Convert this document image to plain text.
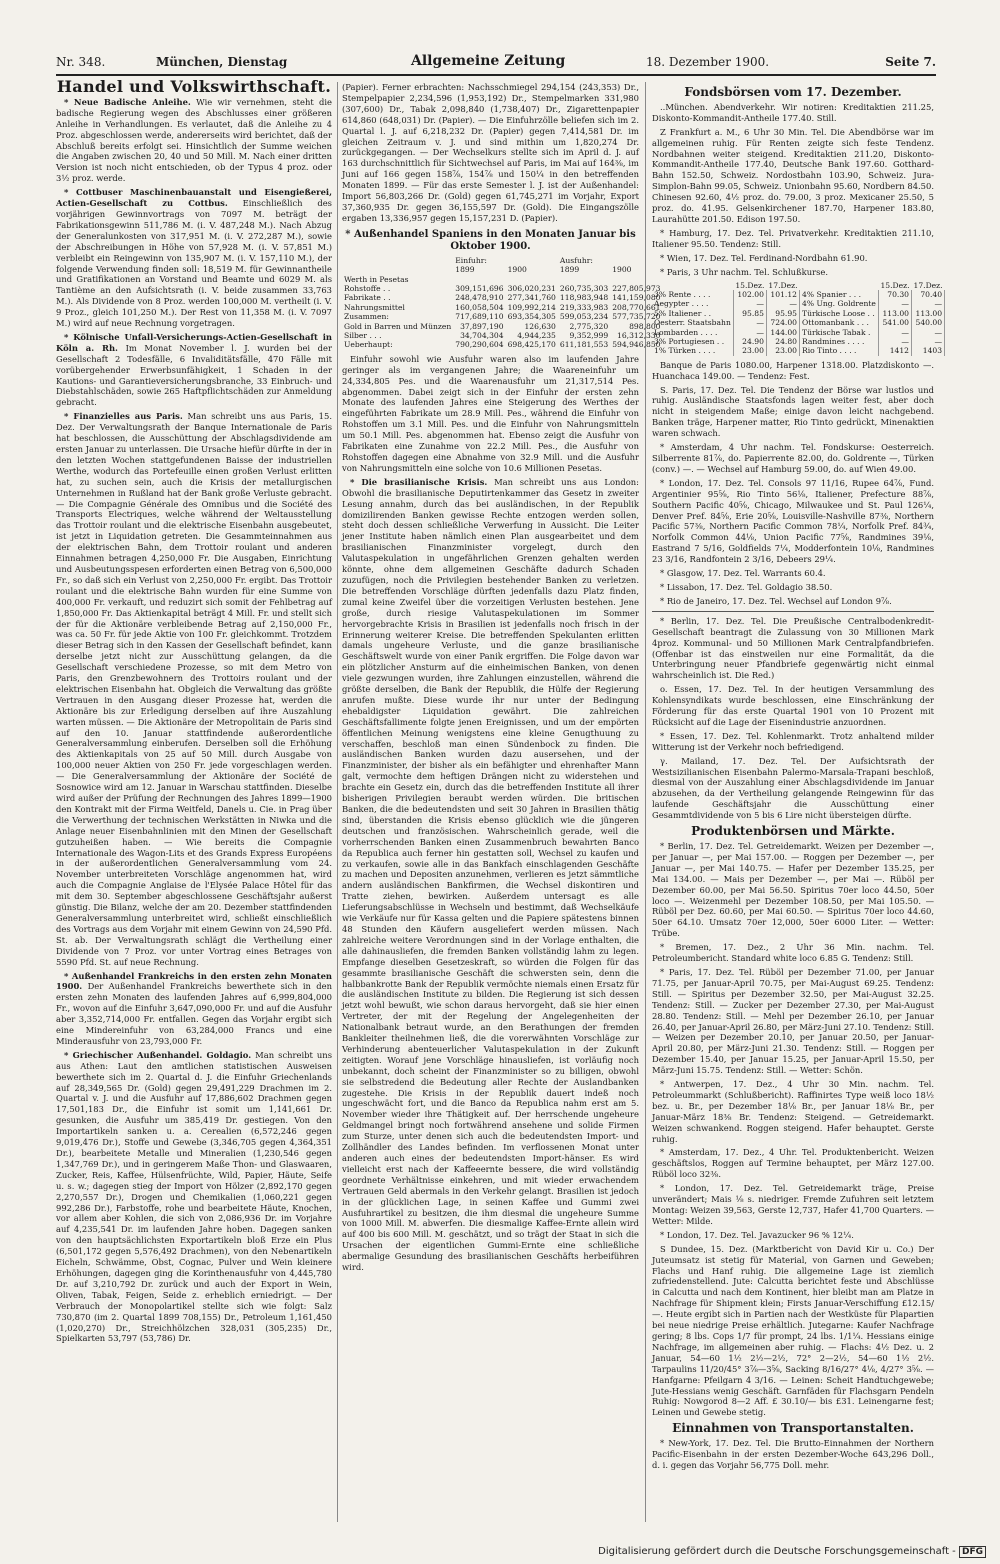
Nr. 348.	München, Dienstag	Allgemeine Zeitung	18. Dezember 1900.	Seite 7.
Handel und Volkswirthschaft.

* Neue Badische Anleihe. Wie wir vernehmen, steht die badische Regierung wegen des Abschlusses einer größeren Anleihe in Verhandlungen. Es verlautet, daß die Anleihe zu 4 Proz. abgeschlossen werde, andererseits wird berichtet, daß der Abschluß bereits erfolgt sei. Hinsichtlich der Summe weichen die Angaben zwischen 20, 40 und 50 Mill. M. Nach einer dritten Version ist noch nicht entschieden, ob der Typus 4 proz. oder 3½ proz. werde.

* Cottbuser Maschinenbauanstalt und Eisengießerei, Actien-Gesellschaft zu Cottbus. Einschließlich des vorjährigen Gewinnvortrags von 7097 M. beträgt der Fabrikationsgewinn 511,786 M. (i. V. 487,248 M.). Nach Abzug der Generalunkosten von 317,951 M. (i. V. 272,287 M.), sowie der Abschreibungen in Höhe von 57,928 M. (i. V. 57,851 M.) verbleibt ein Reingewinn von 135,907 M. (i. V. 157,110 M.), der folgende Verwendung finden soll: 18,519 M. für Gewinnantheile und Gratifikationen an Vorstand und Beamte und 6029 M. als Tantième an den Aufsichtsrath (i. V. beide zusammen 33,763 M.). Als Dividende von 8 Proz. werden 100,000 M. vertheilt (i. V. 9 Proz., gleich 101,250 M.). Der Rest von 11,358 M. (i. V. 7097 M.) wird auf neue Rechnung vorgetragen.

* Kölnische Unfall-Versicherungs-Actien-Gesellschaft in Köln a. Rh. Im Monat November l. J. wurden bei der Gesellschaft 2 Todesfälle, 6 Invaliditätsfälle, 470 Fälle mit vorübergehender Erwerbsunfähigkeit, 1 Schaden in der Kautions- und Garantieversicherungsbranche, 33 Einbruch- und Diebstahlschäden, sowie 265 Haftpflichtschäden zur Anmeldung gebracht.

* Finanzielles aus Paris. Man schreibt uns aus Paris, 15. Dez. Der Verwaltungsrath der Banque Internationale de Paris hat beschlossen, die Ausschüttung der Abschlagsdividende am ersten Januar zu unterlassen. Die Ursache hiefür dürfte in der in den letzten Wochen stattgefundenen Baisse der industriellen Werthe, wodurch das Portefeuille einen großen Verlust erlitten hat, zu suchen sein, auch die Krisis der metallurgischen Unternehmen in Rußland hat der Bank große Verluste gebracht. — Die Compagnie Générale des Omnibus und die Société des Transports Electriques, welche während der Weltausstellung das Trottoir roulant und die elektrische Eisenbahn ausgebeutet, ist jetzt in Liquidation getreten. Die Gesammteinnahmen aus der elektrischen Bahn, dem Trottoir roulant und anderen Einnahmen betragen 4,250,000 Fr. Die Ausgaben, Einrichtung und Ausbeutungsspesen erforderten einen Betrag von 6,500,000 Fr., so daß sich ein Verlust von 2,250,000 Fr. ergibt. Das Trottoir roulant und die elektrische Bahn wurden für eine Summe von 400,000 Fr. verkauft, und reduzirt sich somit der Fehlbetrag auf 1,850,000 Fr. Das Aktienkapital beträgt 4 Mill. Fr. und stellt sich der für die Aktionäre verbleibende Betrag auf 2,150,000 Fr., was ca. 50 Fr. für jede Aktie von 100 Fr. gleichkommt. Trotzdem dieser Betrag sich in den Kassen der Gesellschaft befindet, kann derselbe jetzt nicht zur Ausschüttung gelangen, da die Gesellschaft verschiedene Prozesse, so mit dem Metro von Paris, den Grenzbewohnern des Trottoirs roulant und der elektrischen Eisenbahn hat. Obgleich die Verwaltung das größte Vertrauen in den Ausgang dieser Prozesse hat, werden die Aktionäre bis zur Erledigung derselben auf ihre Auszahlung warten müssen. — Die Aktionäre der Metropolitain de Paris sind auf den 10. Januar stattfindende außerordentliche Generalversammlung einberufen. Derselben soll die Erhöhung des Aktienkapitals von 25 auf 50 Mill. durch Ausgabe von 100,000 neuer Aktien von 250 Fr. jede vorgeschlagen werden. — Die Generalversammlung der Aktionäre der Société de Sosnowice wird am 12. Januar in Warschau stattfinden. Dieselbe wird außer der Prüfung der Rechnungen des Jahres 1899—1900 den Kontrakt mit der Firma Weitfeld, Danels u. Cie. in Prag über die Verwerthung der technischen Werkstätten in Niwka und die Anlage neuer Eisenbahnlinien mit den Minen der Gesellschaft gutzuheißen haben. — Wie bereits die Compagnie Internationale des Wagon-Lits et des Grands Express Européens in der außerordentlichen Generalversammlung vom 24. November unterbreiteten Vorschläge angenommen hat, wird auch die Compagnie Anglaise de l'Elysée Palace Hôtel für das mit dem 30. September abgeschlossene Geschäftsjahr außerst günstig. Die Bilanz, welche der am 20. Dezember stattfindenden Generalversammlung unterbreitet wird, schließt einschließlich des Vortrags aus dem Vorjahr mit einem Gewinn von 24,590 Pfd. St. ab. Der Verwaltungsrath schlägt die Vertheilung einer Dividende von 7 Proz. vor unter Vortrag eines Betrages von 5590 Pfd. St. auf neue Rechnung.

* Außenhandel Frankreichs in den ersten zehn Monaten 1900. Der Außenhandel Frankreichs bewerthete sich in den ersten zehn Monaten des laufenden Jahres auf 6,999,804,000 Fr., wovon auf die Einfuhr 3,647,090,000 Fr. und auf die Ausfuhr aber 3,352,714,000 Fr. entfallen. Gegen das Vorjahr ergibt sich eine Mindereinfuhr von 63,284,000 Francs und eine Minderausfuhr von 23,793,000 Fr.

* Griechischer Außenhandel. Goldagio. Man schreibt uns aus Athen: Laut den amtlichen statistischen Ausweisen bewerthete sich im 2. Quartal d. J. die Einfuhr Griechenlands auf 28,349,565 Dr. (Gold) gegen 29,491,229 Drachmen im 2. Quartal v. J. und die Ausfuhr auf 17,886,602 Drachmen gegen 17,501,183 Dr., die Einfuhr ist somit um 1,141,661 Dr. gesunken, die Ausfuhr um 385,419 Dr. gestiegen. Von den Importartikeln sanken u. a. Cerealien (6,572,246 gegen 9,019,476 Dr.), Stoffe und Gewebe (3,346,705 gegen 4,364,351 Dr.), bearbeitete Metalle und Mineralien (1,230,546 gegen 1,347,769 Dr.), und in geringerem Maße Thon- und Glaswaaren, Zucker, Reis, Kaffee, Hülsenfrüchte, Wild, Papier, Häute, Seife u. s. w.; dagegen stieg der Import von Hölzer (2,892,170 gegen 2,270,557 Dr.), Drogen und Chemikalien (1,060,221 gegen 992,286 Dr.), Farbstoffe, rohe und bearbeitete Häute, Knochen, vor allem aber Kohlen, die sich von 2,086,936 Dr. im Vorjahre auf 4,235,541 Dr. im laufenden Jahre hoben. Dagegen sanken von den hauptsächlichsten Exportartikeln bloß Erze ein Plus (6,501,172 gegen 5,576,492 Drachmen), von den Nebenartikeln Eicheln, Schwämme, Obst, Cognac, Pulver und Wein kleinere Erhöhungen, dagegen ging die Korinthenausfuhr von 4,445,780 Dr. auf 3,210,792 Dr. zurück und auch der Export in Wein, Oliven, Tabak, Feigen, Seide z. erheblich erniedrigt. — Der Verbrauch der Monopolartikel stellte sich wie folgt: Salz 730,870 (im 2. Quartal 1899 708,155) Dr., Petroleum 1,161,450 (1,020,270) Dr., Streichhölzchen 328,031 (305,235) Dr., Spielkarten 53,797 (53,786) Dr.

(Papier). Ferner erbrachten: Nachsschmiegel 294,154 (243,353) Dr., Stempelpapier 2,234,596 (1,953,192) Dr., Stempelmarken 331,980 (307,600) Dr., Tabak 2,098,840 (1,738,407) Dr., Zigarettenpapier 614,860 (648,031) Dr. (Papier). — Die Einfuhrzölle beliefen sich im 2. Quartal l. J. auf 6,218,232 Dr. (Papier) gegen 7,414,581 Dr. im gleichen Zeitraum v. J. und sind mithin um 1,820,274 Dr. zurückgegangen. — Der Wechselkurs stellte sich im April d. J. auf 163 durchschnittlich für Sichtwechsel auf Paris, im Mai auf 164⅜, im Juni auf 166 gegen 158⅞, 154⅞ und 150¼ in den betreffenden Monaten 1899. — Für das erste Semester l. J. ist der Außenhandel: Import 56,803,266 Dr. (Gold) gegen 61,745,271 im Vorjahr, Export 37,360,935 Dr. gegen 36,155,597 Dr. (Gold). Die Eingangszölle ergaben 13,336,957 gegen 15,157,231 D. (Papier).

* Außenhandel Spaniens in den Monaten Januar bis Oktober 1900.
	Einfuhr:		Ausfuhr:	
	1899	1900	1899	1900
Werth in Pesetas				
Rohstoffe . .	309,151,696	306,020,231	260,735,303	227,805,973
Fabrikate . .	248,478,910	277,341,760	118,983,948	141,159,080
Nahrungsmittel	160,058,504	109,992,214	219,333,983	208,770,661
Zusammen:	717,689,110	693,354,305	599,053,234	577,735,720
Gold in Barren und Münzen	37,897,190	126,630	2,775,320	898,800
Silber . . .	34,704,304	4,944,235	9,352,999	16,312,330
Ueberhaupt:	790,290,604	698,425,170	611,181,553	594,946,850

Einfuhr sowohl wie Ausfuhr waren also im laufenden Jahre geringer als im vergangenen Jahre; die Waareneinfuhr um 24,334,805 Pes. und die Waarenausfuhr um 21,317,514 Pes. abgenommen. Dabei zeigt sich in der Einfuhr der ersten zehn Monate des laufenden Jahres eine Steigerung des Werthes der eingeführten Fabrikate um 28.9 Mill. Pes., während die Einfuhr von Rohstoffen um 3.1 Mill. Pes. und die Einfuhr von Nahrungsmitteln um 50.1 Mill. Pes. abgenommen hat. Ebenso zeigt die Ausfuhr von Fabrikaten eine Zunahme von 22.2 Mill. Pes., die Ausfuhr von Rohstoffen dagegen eine Abnahme von 32.9 Mill. und die Ausfuhr von Nahrungsmitteln eine solche von 10.6 Millionen Pesetas.

* Die brasilianische Krisis. Man schreibt uns aus London: Obwohl die brasilianische Deputirtenkammer das Gesetz in zweiter Lesung annahm, durch das bei ausländischen, in der Republik domizilirenden Banken gewisse Rechte entzogen werden sollen, steht doch dessen schließliche Verwerfung in Aussicht. Die Leiter jener Institute haben nämlich einen Plan ausgearbeitet und dem brasilianischen Finanzminister vorgelegt, durch den Valutaspekulation in ungefährlichen Grenzen gehalten werden könnte, ohne dem allgemeinen Geschäfte dadurch Schaden zuzufügen, noch die Privilegien bestehender Banken zu verletzen. Die betreffenden Vorschläge dürften jedenfalls dazu Platz finden, zumal keine Zweifel über die vorzeitigen Verlusten bestehen. Jene große, durch riesige Valutaspekulationen im Sommer hervorgebrachte Krisis in Brasilien ist jedenfalls noch frisch in der Erinnerung weiterer Kreise. Die betreffenden Spekulanten erlitten damals ungeheure Verluste, und die ganze brasilianische Geschäftswelt wurde von einer Panik ergriffen. Die Folge davon war ein plötzlicher Ansturm auf die einheimischen Banken, von denen viele gezwungen wurden, ihre Zahlungen einzustellen, während die größte derselben, die Bank der Republik, die Hülfe der Regierung anrufen mußte. Diese wurde ihr nur unter der Bedingung ehebaldigster Liquidation gewährt. Die zahlreichen Geschäftsfallimente folgte jenen Ereignissen, und um der empörten öffentlichen Meinung wenigstens eine kleine Genugthuung zu verschaffen, beschloß man einen Sündenbock zu finden. Die ausländischen Banken wurden dazu ausersehen, und der Finanzminister, der bisher als ein befähigter und ehrenhafter Mann galt, vermochte dem heftigen Drängen nicht zu widerstehen und brachte ein Gesetz ein, durch das die betreffenden Institute all ihrer bisherigen Privilegien beraubt werden würden. Die britischen Banken, die die bedeutendsten und seit 30 Jahren in Brasilien thätig sind, überstanden die Krisis ebenso glücklich wie die jüngeren deutschen und französischen. Wahrscheinlich gerade, weil die vorherrschenden Banken einen Zusammenbruch bewahrten Banco da Republica auch ferner hin gestatten soll, Wechsel zu kaufen und zu verkaufen, sowie alle in das Bankfach einschlagenden Geschäfte zu machen und Depositen anzunehmen, verlieren es jetzt sämmtliche andern ausländischen Bankfirmen, die Wechsel diskontiren und Tratte ziehen, bewirken. Außerdem untersagt es alle Lieferungsabschlüsse in Wechseln und bestimmt, daß Wechselkäufe wie Verkäufe nur für Kassa gelten und die Papiere spätestens binnen 48 Stunden den Käufern ausgeliefert werden müssen. Nach zahlreiche weitere Verordnungen sind in der Vorlage enthalten, die alle dahinausliefen, die fremden Banken vollständig lahm zu legen. Empfange dieselben Gesetzeskraft, so würden die Folgen für das gesammte brasilianische Geschäft die schwersten sein, denn die halbbankrotte Bank der Republik vermöchte niemals einen Ersatz für die ausländischen Institute zu bilden. Die Regierung ist sich dessen jetzt wohl bewußt, wie schon daraus hervorgeht, daß sie hier einen Vertreter, der mit der Regelung der Angelegenheiten der Nationalbank betraut wurde, an den Berathungen der fremden Bankleiter theilnehmen ließ, die die vorerwähnten Vorschläge zur Verhinderung abenteuerlicher Valutaspekulation in der Zukunft zeitigten. Worauf jene Vorschläge hinausliefen, ist vorläufig noch unbekannt, doch scheint der Finanzminister so zu billigen, obwohl sie selbstredend die Bedeutung aller Rechte der Auslandbanken zugestehe. Die Krisis in der Republik dauert indeß noch ungeschwächt fort, und die Banco da Republica nahm erst am 5. November wieder ihre Thätigkeit auf. Der herrschende ungeheure Geldmangel bringt noch fortwährend ansehene und solide Firmen zum Sturze, unter denen sich auch die bedeutendsten Import- und Zollhändler des Landes befinden. Im verflossenen Monat unter anderen auch eines der bedeutendsten Import-hänser. Es wird vielleicht erst nach der Kaffeeernte bessere, die wird vollständig geordnete Verhältnisse einkehren, und mit wieder erwachendem Vertrauen Geld abermals in den Verkehr gelangt. Brasilien ist jedoch in der glücklichen Lage, in seinen Kaffee und Gummi zwei Ausfuhrartikel zu besitzen, die ihm diesmal die ungeheure Summe von 1000 Mill. M. abwerfen. Die diesmalige Kaffee-Ernte allein wird auf 400 bis 600 Mill. M. geschätzt, und so trägt der Staat in sich die Ursachen der eigentlichen Gummi-Ernte eine schließliche abermalige Gesundung des brasilianischen Geschäfts herbeiführen wird.

Fondsbörsen vom 17. Dezember.

..München. Abendverkehr. Wir notiren: Kreditaktien 211.25, Diskonto-Kommandit-Antheile 177.40. Still.

Z Frankfurt a. M., 6 Uhr 30 Min. Tel. Die Abendbörse war im allgemeinen ruhig. Für Renten zeigte sich feste Tendenz. Nordbahnen weiter steigend. Kreditaktien 211.20, Diskonto-Kommandit-Antheile 177.40, Deutsche Bank 197.60. Gotthard-Bahn 152.50, Schweiz. Nordostbahn 103.90, Schweiz. Jura-Simplon-Bahn 99.05, Schweiz. Unionbahn 95.60, Nordbern 84.50. Chinesen 92.60, 4½ proz. do. 79.00, 3 proz. Mexicaner 25.50, 5 proz. do. 41.95. Gelsenkirchener 187.70, Harpener 183.80, Laurahütte 201.50. Edison 197.50.

* Hamburg, 17. Dez. Tel. Privatverkehr. Kreditaktien 211.10, Italiener 95.50. Tendenz: Still.

* Wien, 17. Dez. Tel. Ferdinand-Nordbahn 61.90.

* Paris, 3 Uhr nachm. Tel. Schlußkurse.

	15.Dez.	17.Dez.		15.Dez.	17.Dez.
3% Rente . . . .	102.00	101.12	4% Spanier . . .	70.30	70.40
Aegypter . . . .	—	—	4% Ung. Goldrente	—	—
5% Italiener . .	95.85	95.95	Türkische Loose . .	113.00	113.00
Oesterr. Staatsbahn	—	724.00	Ottomanbank . . .	541.00	540.00
Lombarden . . . .	—	144.00	Türkische Tabak .	—	—
3% Portugiesen . .	24.90	24.80	Randmines . . . .	—	—
1% Türken . . . .	23.00	23.00	Rio Tinto . . . .	1412	1403

Banque de Paris 1080.00, Harpener 1318.00. Platzdiskonto —. Huanchaca 149.00. — Tendenz: Fest.

S. Paris, 17. Dez. Tel. Die Tendenz der Börse war lustlos und ruhig. Ausländische Staatsfonds lagen weiter fest, aber doch nicht in steigendem Maße; einige davon leicht nachgebend. Banken träge, Harpener matter, Rio Tinto gedrückt, Minenaktien waren schwach.

* Amsterdam, 4 Uhr nachm. Tel. Fondskurse: Oesterreich. Silberrente 81⅞, do. Papierrente 82.00, do. Goldrente —, Türken (conv.) —. — Wechsel auf Hamburg 59.00, do. auf Wien 49.00.

* London, 17. Dez. Tel. Consols 97 11/16, Rupee 64⅞, Fund. Argentinier 95⅝, Rio Tinto 56⅛, Italiener, Prefecture 88⅞, Southern Pacific 40⅝, Chicago, Milwaukee und St. Paul 126¼, Denver Pref. 84⅝, Erie 20⅝, Louisville-Nashville 87⅜, Northern Pacific 57⅜, Northern Pacific Common 78¼, Norfolk Pref. 84¾, Norfolk Common 44⅛, Union Pacific 77⅝, Randmines 39⅛, Eastrand 7 5/16, Goldfields 7¼, Modderfontein 10⅛, Randmines 23 3/16, Randfontein 2 3/16, Debeers 29¼.

* Glasgow, 17. Dez. Tel. Warrants 60.4.

* Lissabon, 17. Dez. Tel. Goldagio 38.50.

* Rio de Janeiro, 17. Dez. Tel. Wechsel auf London 9⅞.

* Berlin, 17. Dez. Tel. Die Preußische Centralbodenkredit-Gesellschaft beantragt die Zulassung von 30 Millionen Mark 4proz. Kommunal- und 50 Millionen Mark Centralpfandbriefen. (Offenbar ist das einstweilen nur eine Formalität, da die Unterbringung neuer Pfandbriefe gegenwärtig nicht einmal wahrscheinlich ist. Die Red.)

o. Essen, 17. Dez. Tel. In der heutigen Versammlung des Kohlensyndikats wurde beschlossen, eine Einschränkung der Förderung für das erste Quartal 1901 von 10 Prozent mit Rücksicht auf die Lage der Eisenindustrie anzuordnen.

* Essen, 17. Dez. Tel. Kohlenmarkt. Trotz anhaltend milder Witterung ist der Verkehr noch befriedigend.

γ. Mailand, 17. Dez. Tel. Der Aufsichtsrath der Westsizilianischen Eisenbahn Palermo-Marsala-Trapani beschloß, diesmal von der Auszahlung einer Abschlagsdividende im Januar abzusehen, da der Vertheilung gelangende Reingewinn für das laufende Geschäftsjahr die Ausschüttung einer Gesammtdividende von 5 bis 6 Lire nicht übersteigen dürfte.

Produktenbörsen und Märkte.

* Berlin, 17. Dez. Tel. Getreidemarkt. Weizen per Dezember —, per Januar —, per Mai 157.00. — Roggen per Dezember —, per Januar —, per Mai 140.75. — Hafer per Dezember 135.25, per Mai 134.00. — Mais per Dezember —, per Mai —. Rüböl per Dezember 60.00, per Mai 56.50. Spiritus 70er loco 44.50, 50er loco —. Weizenmehl per Dezember 108.50, per Mai 105.50. — Rüböl per Dez. 60.60, per Mai 60.50. — Spiritus 70er loco 44.60, 50er 64.10. Umsatz 70er 12,000, 50er 6000 Liter. — Wetter: Trübe.

* Bremen, 17. Dez., 2 Uhr 36 Min. nachm. Tel. Petroleumbericht. Standard white loco 6.85 G. Tendenz: Still.

* Paris, 17. Dez. Tel. Rüböl per Dezember 71.00, per Januar 71.75, per Januar-April 70.75, per Mai-August 69.25. Tendenz: Still. — Spiritus per Dezember 32.50, per Mai-August 32.25. Tendenz: Still. — Zucker per Dezember 27.30, per Mai-August 28.80. Tendenz: Still. — Mehl per Dezember 26.10, per Januar 26.40, per Januar-April 26.80, per März-Juni 27.10. Tendenz: Still. — Weizen per Dezember 20.10, per Januar 20.50, per Januar-April 20.80, per März-Juni 21.30. Tendenz: Still. — Roggen per Dezember 15.40, per Januar 15.25, per Januar-April 15.50, per März-Juni 15.75. Tendenz: Still. — Wetter: Schön.

* Antwerpen, 17. Dez., 4 Uhr 30 Min. nachm. Tel. Petroleummarkt (Schlußbericht). Raffinirtes Type weiß loco 18½ bez. u. Br., per Dezember 18⅛ Br., per Januar 18⅛ Br., per Januar-März 18⅜ Br. Tendenz: Steigend. — Getreidemarkt. Weizen schwankend. Roggen steigend. Hafer behauptet. Gerste ruhig.

* Amsterdam, 17. Dez., 4 Uhr. Tel. Produktenbericht. Weizen geschäftslos, Roggen auf Termine behauptet, per März 127.00. Rüböl loco 32⅜.

* London, 17. Dez. Tel. Getreidemarkt träge, Preise unverändert; Mais ⅛ s. niedriger. Fremde Zufuhren seit letztem Montag: Weizen 39,563, Gerste 12,737, Hafer 41,700 Quarters. — Wetter: Milde.

* London, 17. Dez. Tel. Javazucker 96 % 12¼.

S Dundee, 15. Dez. (Marktbericht von David Kir u. Co.) Der Juteumsatz ist stetig für Material, von Garnen und Geweben; Flachs und Hanf ruhig. Die allgemeine Lage ist ziemlich zufriedenstellend. Jute: Calcutta berichtet feste und Abschlüsse in Calcutta und nach dem Kontinent, hier bleibt man am Platze in Nachfrage für Shipment klein; Firsts Januar-Verschiffung £12.15/—. Heute ergibt sich in Partien nach der Westküste für Plapartien bei neue niedrige Preise erhältlich. Jutegarne: Kaufer Nachfrage gering; 8 lbs. Cops 1/7 für prompt, 24 lbs. 1/1¼. Hessians einige Nachfrage, im allgemeinen aber ruhig. — Flachs: 4½ Dez. u. 2 Januar, 54—60 1½ 2½—2½, 72° 2—2½, 54—60 1½ 2½. Tarpaulins 11/20/45° 3⅞—3⅝, Sacking 8/16/27° 4⅛, 4/27° 3⅝. — Hanfgarne: Pfeilgarn 4 3/16. — Leinen: Scheit Handtuchgewebe; Jute-Hessians wenig Geschäft. Garnfäden für Flachsgarn Pendeln Ruhig: Nowgorod 8—2 Aff. £ 30.10/— bis £31. Leinengarne fest; Leinen und Gewebe stetig.

Einnahmen von Transportanstalten.

* New-York, 17. Dez. Tel. Die Brutto-Einnahmen der Northern Pacific-Eisenbahn in der ersten Dezember-Woche 643,296 Doll., d. i. gegen das Vorjahr 56,775 Doll. mehr.

Digitalisierung gefördert durch die Deutsche Forschungsgemeinschaft - DFG
